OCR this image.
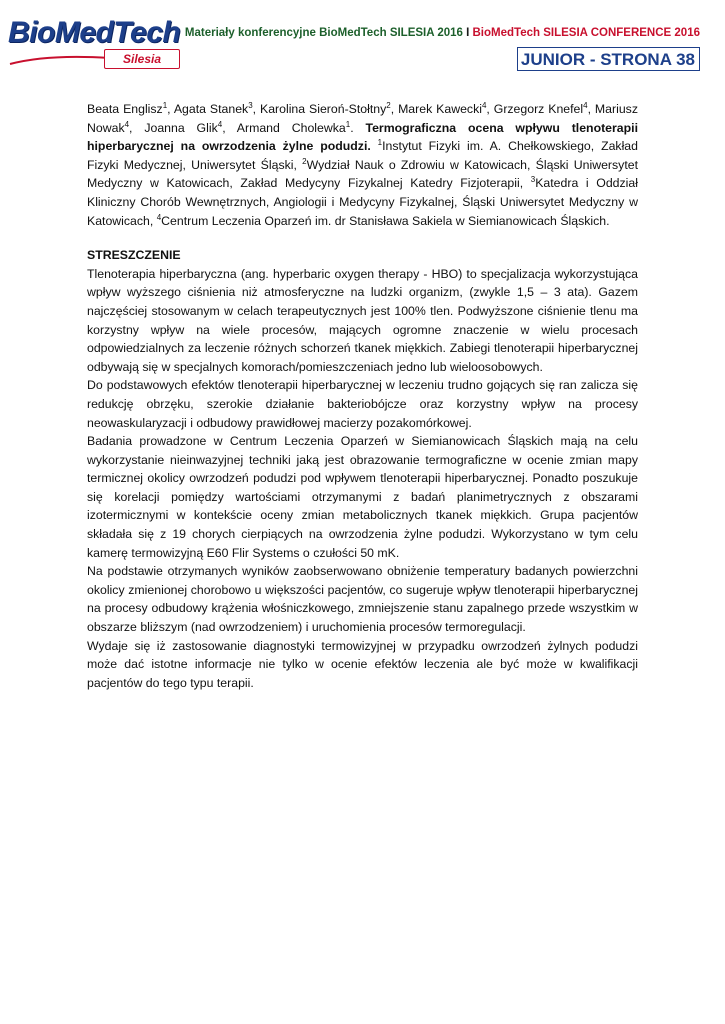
BioMedTech
Silesia
Materiały konferencyjne BioMedTech SILESIA 2016 I BioMedTech SILESIA CONFERENCE 2016
JUNIOR - STRONA 38

Beata Englisz$^1$, Agata Stanek$^3$, Karolina Sieroń-Stołtny$^2$, Marek Kawecki$^4$, Grzegorz Knefel$^4$, Mariusz Nowak$^4$, Joanna Glik$^4$, Armand Cholewka$^1$. Termograficzna ocena wpływu tlenoterapii hiperbarycznej na owrzodzenia żylne podudzi. $^1$Instytut Fizyki im. A. Chełkowskiego, Zakład Fizyki Medycznej, Uniwersytet Śląski, $^2$Wydział Nauk o Zdrowiu w Katowicach, Śląski Uniwersytet Medyczny w Katowicach, Zakład Medycyny Fizykalnej Katedry Fizjoterapii, $^3$Katedra i Oddział Kliniczny Chorób Wewnętrznych, Angiologii i Medycyny Fizykalnej, Śląski Uniwersytet Medyczny w Katowicach, $^4$Centrum Leczenia Oparzeń im. dr Stanisława Sakiela w Siemianowicach Śląskich.

STRESZCZENIE

Tlenoterapia hiperbaryczna (ang. hyperbaric oxygen therapy - HBO) to specjalizacja wykorzystująca wpływ wyższego ciśnienia niż atmosferyczne na ludzki organizm, (zwykle 1,5 – 3 ata). Gazem najczęściej stosowanym w celach terapeutycznych jest 100% tlen. Podwyższone ciśnienie tlenu ma korzystny wpływ na wiele procesów, mających ogromne znaczenie w wielu procesach odpowiedzialnych za leczenie różnych schorzeń tkanek miękkich. Zabiegi tlenoterapii hiperbarycznej odbywają się w specjalnych komorach/pomieszczeniach jedno lub wieloosobowych.

Do podstawowych efektów tlenoterapii hiperbarycznej w leczeniu trudno gojących się ran zalicza się redukcję obrzęku, szerokie działanie bakteriobójcze oraz korzystny wpływ na procesy neowaskularyzacji i odbudowy prawidłowej macierzy pozakomórkowej.

Badania prowadzone w Centrum Leczenia Oparzeń w Siemianowicach Śląskich mają na celu wykorzystanie nieinwazyjnej techniki jaką jest obrazowanie termograficzne w ocenie zmian mapy termicznej okolicy owrzodzeń podudzi pod wpływem tlenoterapii hiperbarycznej. Ponadto poszukuje się korelacji pomiędzy wartościami otrzymanymi z badań planimetrycznych z obszarami izotermicznymi w kontekście oceny zmian metabolicznych tkanek miękkich. Grupa pacjentów składała się z 19 chorych cierpiących na owrzodzenia żylne podudzi. Wykorzystano w tym celu kamerę termowizyjną E60 Flir Systems o czułości 50 mK.

Na podstawie otrzymanych wyników zaobserwowano obniżenie temperatury badanych powierzchni okolicy zmienionej chorobowo u większości pacjentów, co sugeruje wpływ tlenoterapii hiperbarycznej na procesy odbudowy krążenia włośniczkowego, zmniejszenie stanu zapalnego przede wszystkim w obszarze bliższym (nad owrzodzeniem) i uruchomienia procesów termoregulacji.

Wydaje się iż zastosowanie diagnostyki termowizyjnej w przypadku owrzodzeń żylnych podudzi może dać istotne informacje nie tylko w ocenie efektów leczenia ale być może w kwalifikacji pacjentów do tego typu terapii.
